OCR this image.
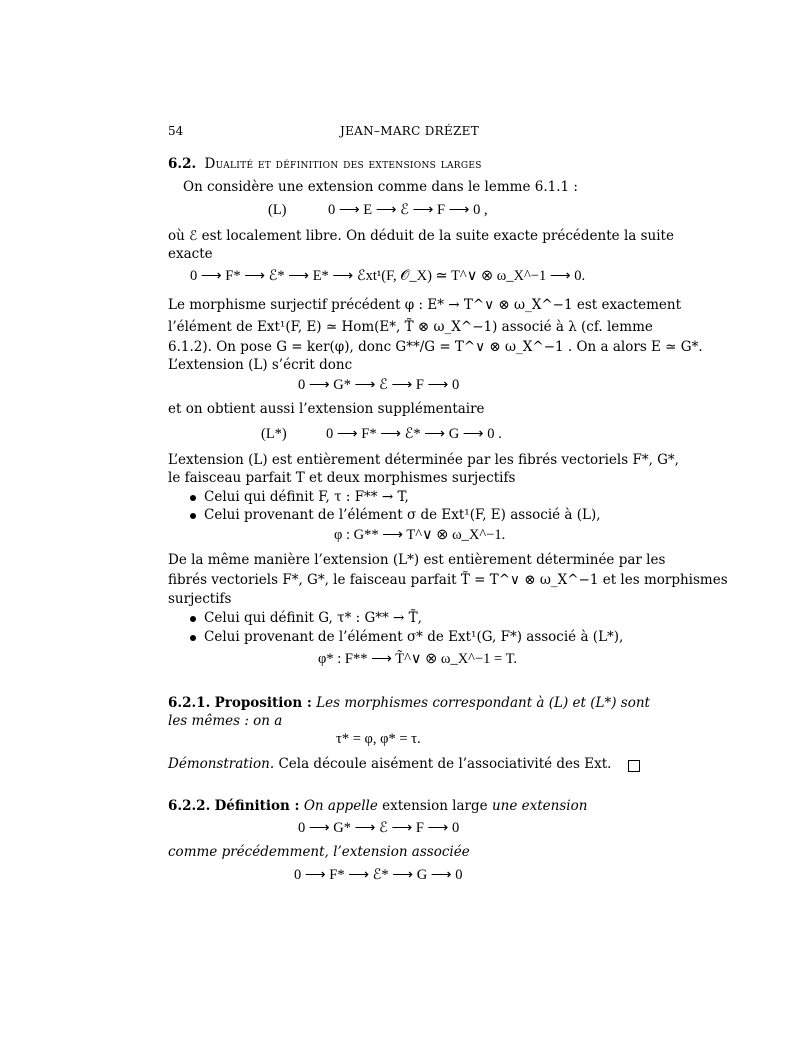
54	JEAN–MARC DRÉZET
6.2. Dualité et définition des extensions larges
On considère une extension comme dans le lemme 6.1.1 :
(L)	0 ⟶ E ⟶ ℰ ⟶ F ⟶ 0 ,
où ℰ est localement libre. On déduit de la suite exacte précédente la suite
exacte
0 ⟶ F* ⟶ ℰ* ⟶ E* ⟶ ℰxt¹(F, 𝒪_X) ≃ T^∨ ⊗ ω_X^−1 ⟶ 0.
Le morphisme surjectif précédent φ : E* → T^∨ ⊗ ω_X^−1 est exactement
l’élément de Ext¹(F, E) ≃ Hom(E*, T̃ ⊗ ω_X^−1) associé à λ (cf. lemme
6.1.2). On pose G = ker(φ), donc G**/G = T^∨ ⊗ ω_X^−1 . On a alors E ≃ G*.
L’extension (L) s’écrit donc
0 ⟶ G* ⟶ ℰ ⟶ F ⟶ 0
et on obtient aussi l’extension supplémentaire
(L*)	0 ⟶ F* ⟶ ℰ* ⟶ G ⟶ 0 .
L’extension (L) est entièrement déterminée par les fibrés vectoriels F*, G*,
le faisceau parfait T et deux morphismes surjectifs
Celui qui définit F, τ : F** → T,
Celui provenant de l’élément σ de Ext¹(F, E) associé à (L),
φ : G** ⟶ T^∨ ⊗ ω_X^−1.
De la même manière l’extension (L*) est entièrement déterminée par les
fibrés vectoriels F*, G*, le faisceau parfait T̃ = T^∨ ⊗ ω_X^−1 et les morphismes
surjectifs
Celui qui définit G, τ* : G** → T̃,
Celui provenant de l’élément σ* de Ext¹(G, F*) associé à (L*),
φ* : F** ⟶ T̃^∨ ⊗ ω_X^−1 = T.
6.2.1. Proposition : Les morphismes correspondant à (L) et (L*) sont
les mêmes : on a
τ* = φ, φ* = τ.
Démonstration. Cela découle aisément de l’associativité des Ext.
6.2.2. Définition : On appelle extension large une extension
0 ⟶ G* ⟶ ℰ ⟶ F ⟶ 0
comme précédemment, l’extension associée
0 ⟶ F* ⟶ ℰ* ⟶ G ⟶ 0
